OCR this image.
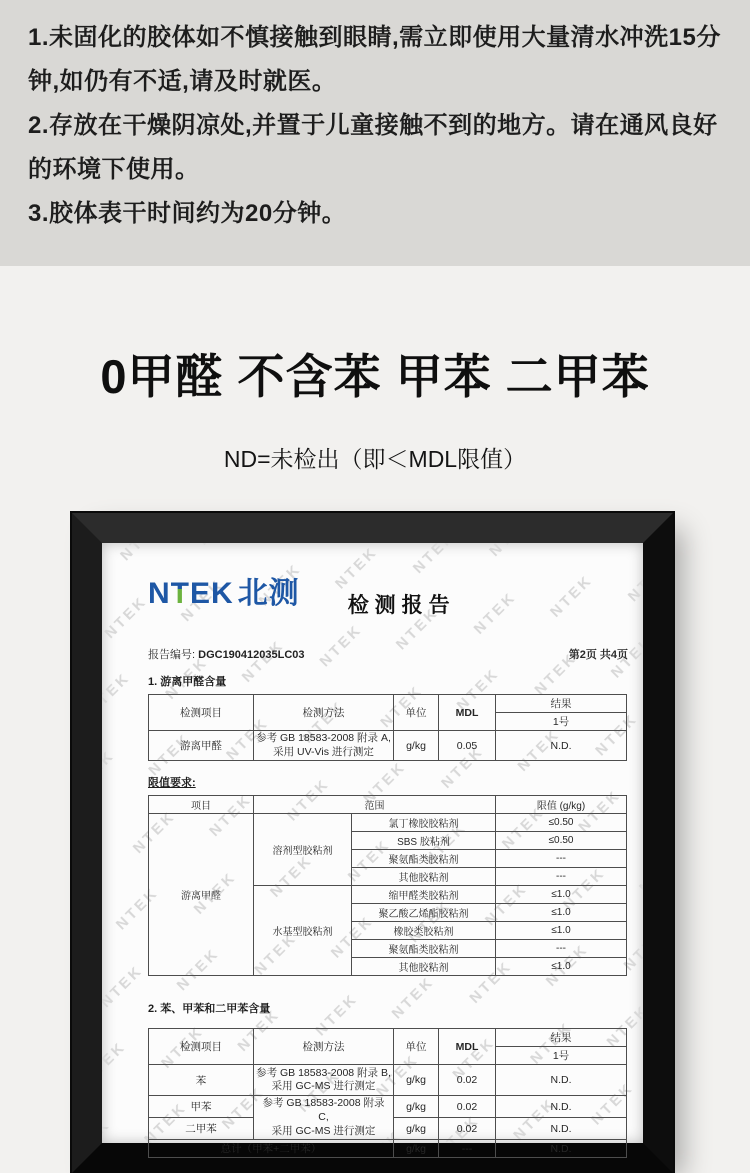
1.未固化的胶体如不慎接触到眼睛,需立即使用大量清水冲洗15分钟,如仍有不适,请及时就医。
2.存放在干燥阴凉处,并置于儿童接触不到的地方。请在通风良好的环境下使用。
3.胶体表干时间约为20分钟。
0甲醛 不含苯 甲苯 二甲苯
ND=未检出（即＜MDL限值）
NTEK 北测 检测报告
报告编号: DGC190412035LC03	第2页 共4页
1. 游离甲醛含量
检测项目	检测方法	单位	MDL	结果
				1号
游离甲醛	参考 GB 18583-2008 附录 A,
采用 UV-Vis 进行测定	g/kg	0.05	N.D.
限值要求:
项目	范围		限值 (g/kg)
游离甲醛	溶剂型胶粘剂	氯丁橡胶胶粘剂	≤0.50
		SBS 胶粘剂	≤0.50
		聚氨酯类胶粘剂	---
		其他胶粘剂	---
	水基型胶粘剂	缩甲醛类胶粘剂	≤1.0
		聚乙酸乙烯酯胶粘剂	≤1.0
		橡胶类胶粘剂	≤1.0
		聚氨酯类胶粘剂	---
		其他胶粘剂	≤1.0
2. 苯、甲苯和二甲苯含量
检测项目	检测方法	单位	MDL	结果
				1号
苯	参考 GB 18583-2008 附录 B,
采用 GC-MS 进行测定	g/kg	0.02	N.D.
甲苯	参考 GB 18583-2008 附录 C,
采用 GC-MS 进行测定	g/kg	0.02	N.D.
二甲苯		g/kg	0.02	N.D.
总计（甲苯+二甲苯）		g/kg	---	N.D.
